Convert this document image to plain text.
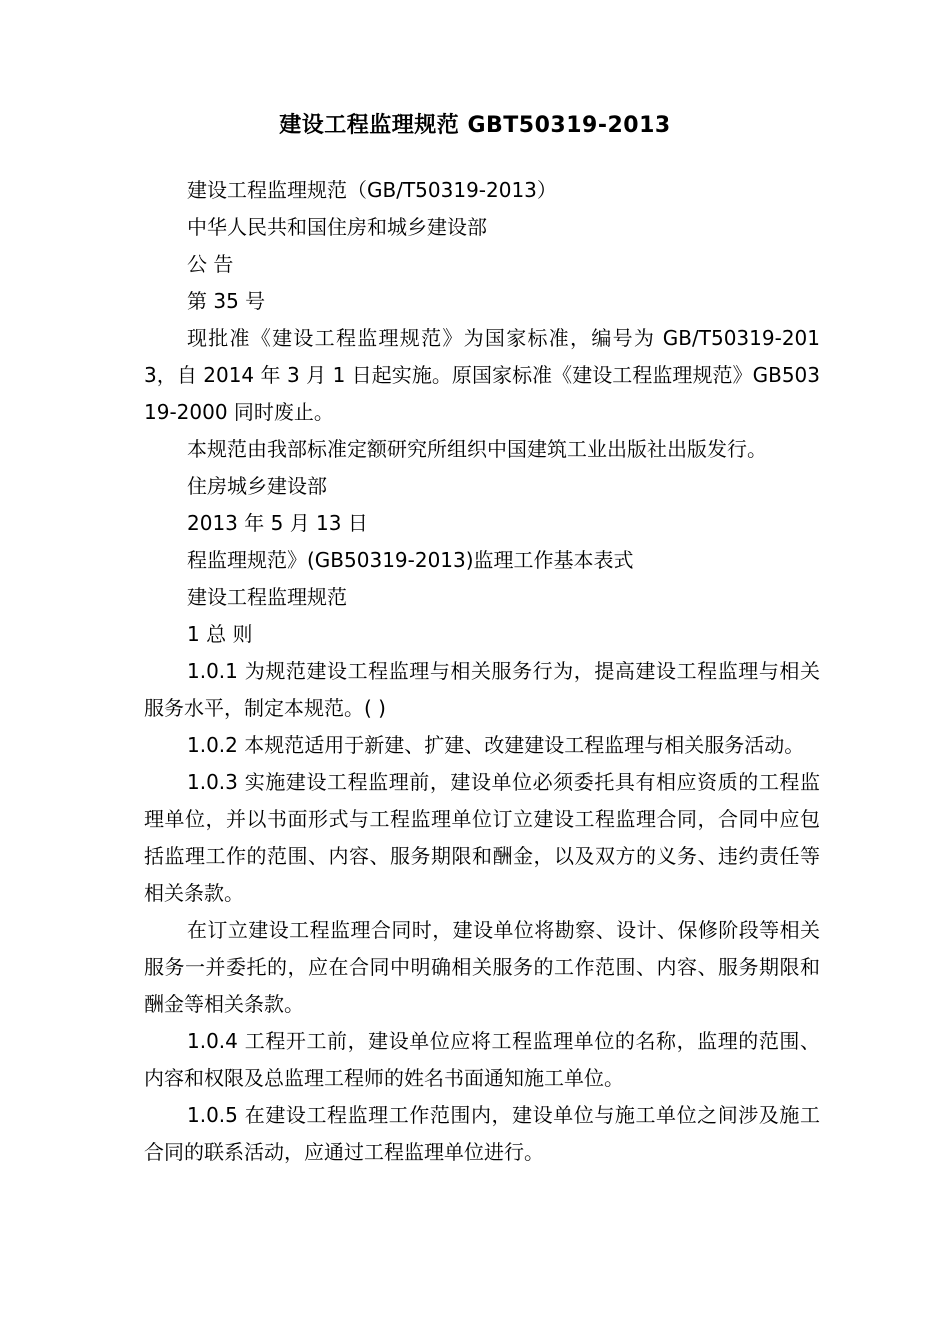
建设工程监理规范 GBT50319-2013

建设工程监理规范（GB/T50319-2013）

中华人民共和国住房和城乡建设部

公 告

第 35 号

现批准《建设工程监理规范》为国家标准，编号为 GB/T50319-2013，自 2014 年 3 月 1 日起实施。原国家标准《建设工程监理规范》GB50319-2000 同时废止。

本规范由我部标准定额研究所组织中国建筑工业出版社出版发行。

住房城乡建设部

2013 年 5 月 13 日

程监理规范》(GB50319-2013)监理工作基本表式

建设工程监理规范

1 总 则

1.0.1 为规范建设工程监理与相关服务行为，提高建设工程监理与相关服务水平，制定本规范。( )

1.0.2 本规范适用于新建、扩建、改建建设工程监理与相关服务活动。

1.0.3 实施建设工程监理前，建设单位必须委托具有相应资质的工程监理单位，并以书面形式与工程监理单位订立建设工程监理合同，合同中应包括监理工作的范围、内容、服务期限和酬金，以及双方的义务、违约责任等相关条款。

在订立建设工程监理合同时，建设单位将勘察、设计、保修阶段等相关服务一并委托的，应在合同中明确相关服务的工作范围、内容、服务期限和酬金等相关条款。

1.0.4 工程开工前，建设单位应将工程监理单位的名称，监理的范围、内容和权限及总监理工程师的姓名书面通知施工单位。

1.0.5 在建设工程监理工作范围内，建设单位与施工单位之间涉及施工合同的联系活动，应通过工程监理单位进行。
